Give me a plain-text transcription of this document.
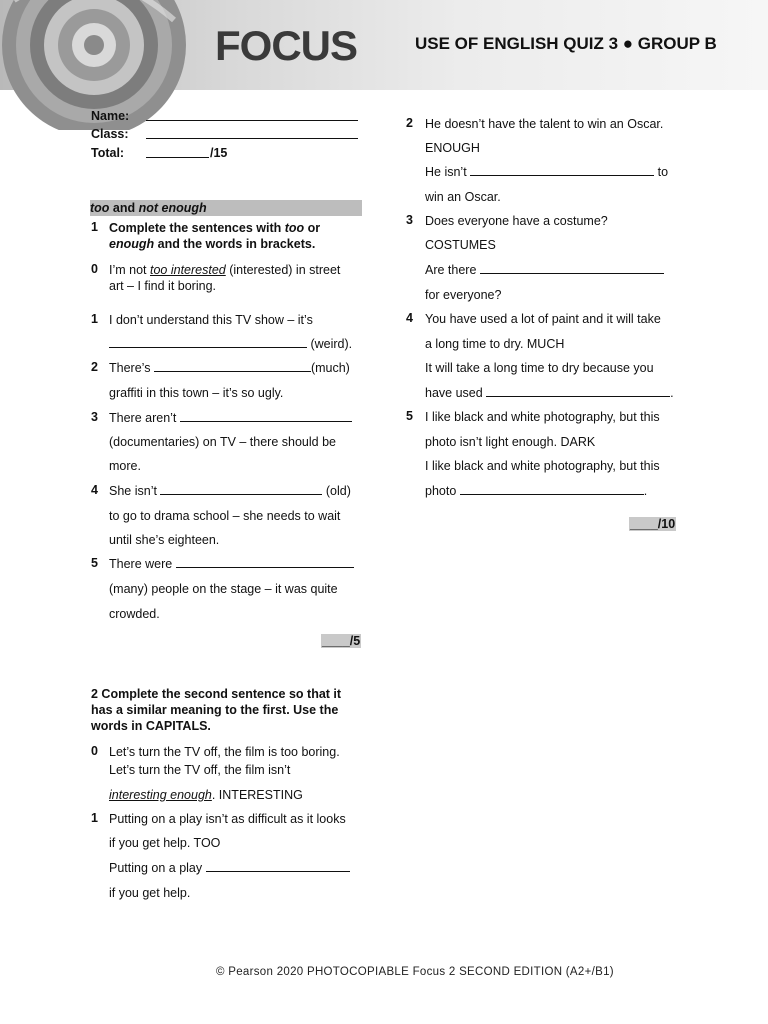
FOCUS	USE OF ENGLISH QUIZ 3 ● GROUP B
Name:
Class:
Total:	/15
too and not enough
1 Complete the sentences with too or
enough and the words in brackets.
0 I’m not too interested (interested) in street
art – I find it boring.
1 I don’t understand this TV show – it’s
(weird).
2 There’s	(much)
graffiti in this town – it’s so ugly.
3 There aren’t
(documentaries) on TV – there should be
more.
4 She isn’t	(old)
to go to drama school – she needs to wait
until she’s eighteen.
5 There were
(many) people on the stage – it was quite
crowded.
____/5
2 Complete the second sentence so that it
has a similar meaning to the first. Use the
words in CAPITALS.
0 Let’s turn the TV off, the film is too boring.
Let’s turn the TV off, the film isn’t
interesting enough. INTERESTING
1 Putting on a play isn’t as difficult as it looks
if you get help. TOO
Putting on a play
if you get help.
2 He doesn’t have the talent to win an Oscar.
ENOUGH
He isn’t	to
win an Oscar.
3 Does everyone have a costume?
COSTUMES
Are there
for everyone?
4 You have used a lot of paint and it will take
a long time to dry. MUCH
It will take a long time to dry because you
have used	.
5 I like black and white photography, but this
photo isn’t light enough. DARK
I like black and white photography, but this
photo	.
____/10
© Pearson 2020 PHOTOCOPIABLE Focus 2 SECOND EDITION (A2+/B1)
